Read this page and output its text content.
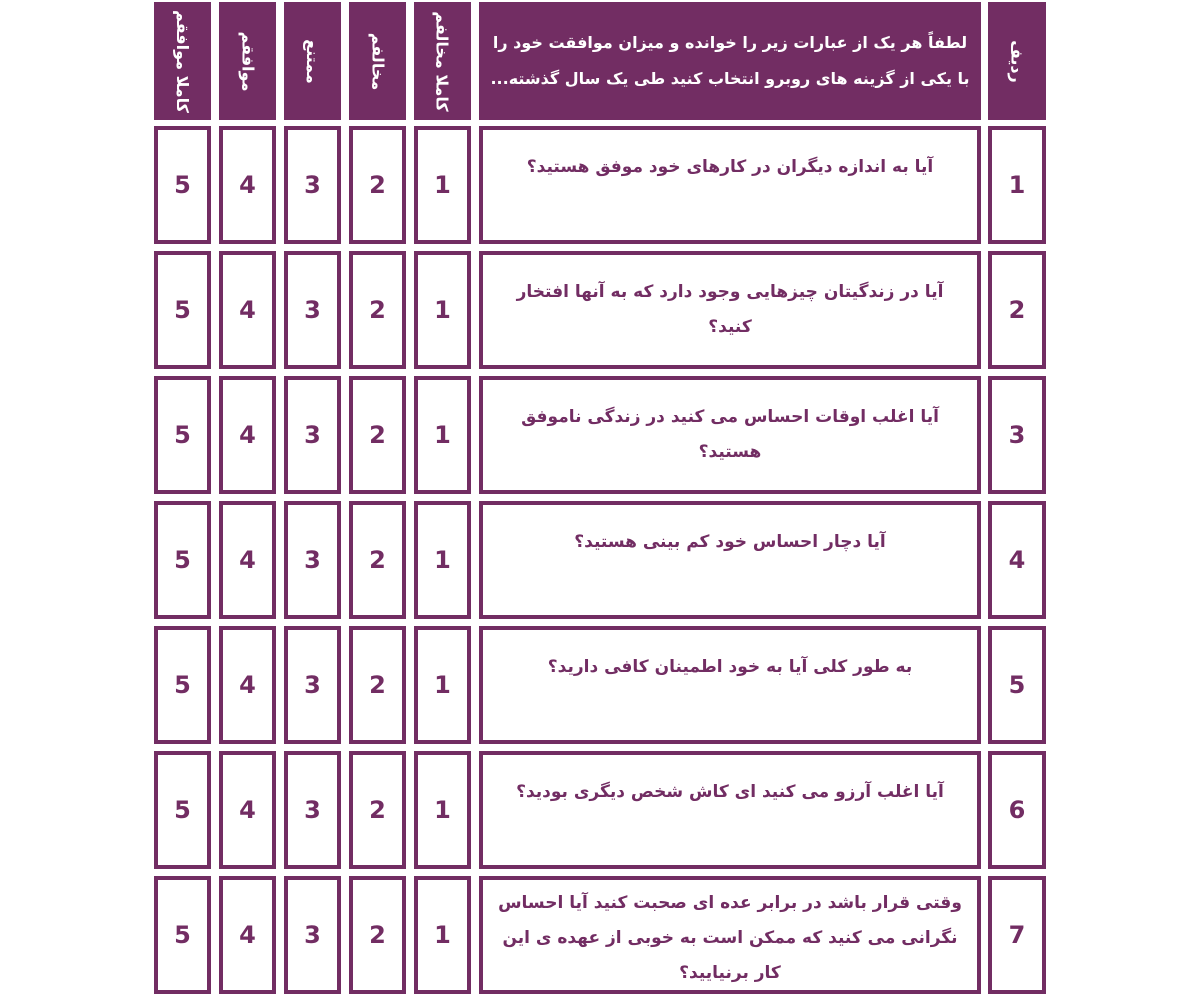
ردیف
لطفاً هر یک از عبارات زیر را خوانده و میزان موافقت خود را با یکی از گزینه های روبرو انتخاب کنید طی یک سال گذشته...
کاملا مخالفم
مخالفم
ممتنع
موافقم
کاملا موافقم
1
آیا به اندازه دیگران در کارهای خود موفق هستید؟
1
2
3
4
5
2
آیا در زندگیتان چیزهایی وجود دارد که به آنها افتخار کنید؟
1
2
3
4
5
3
آیا اغلب اوقات احساس می کنید در زندگی ناموفق هستید؟
1
2
3
4
5
4
آیا دچار احساس خود کم بینی هستید؟
1
2
3
4
5
5
به طور کلی آیا به خود اطمینان کافی دارید؟
1
2
3
4
5
6
آیا اغلب آرزو می کنید ای کاش شخص دیگری بودید؟
1
2
3
4
5
7
وقتی قرار باشد در برابر عده ای صحبت کنید آیا احساس نگرانی می کنید که ممکن است به خوبی از عهده ی این کار برنیایید؟
1
2
3
4
5
